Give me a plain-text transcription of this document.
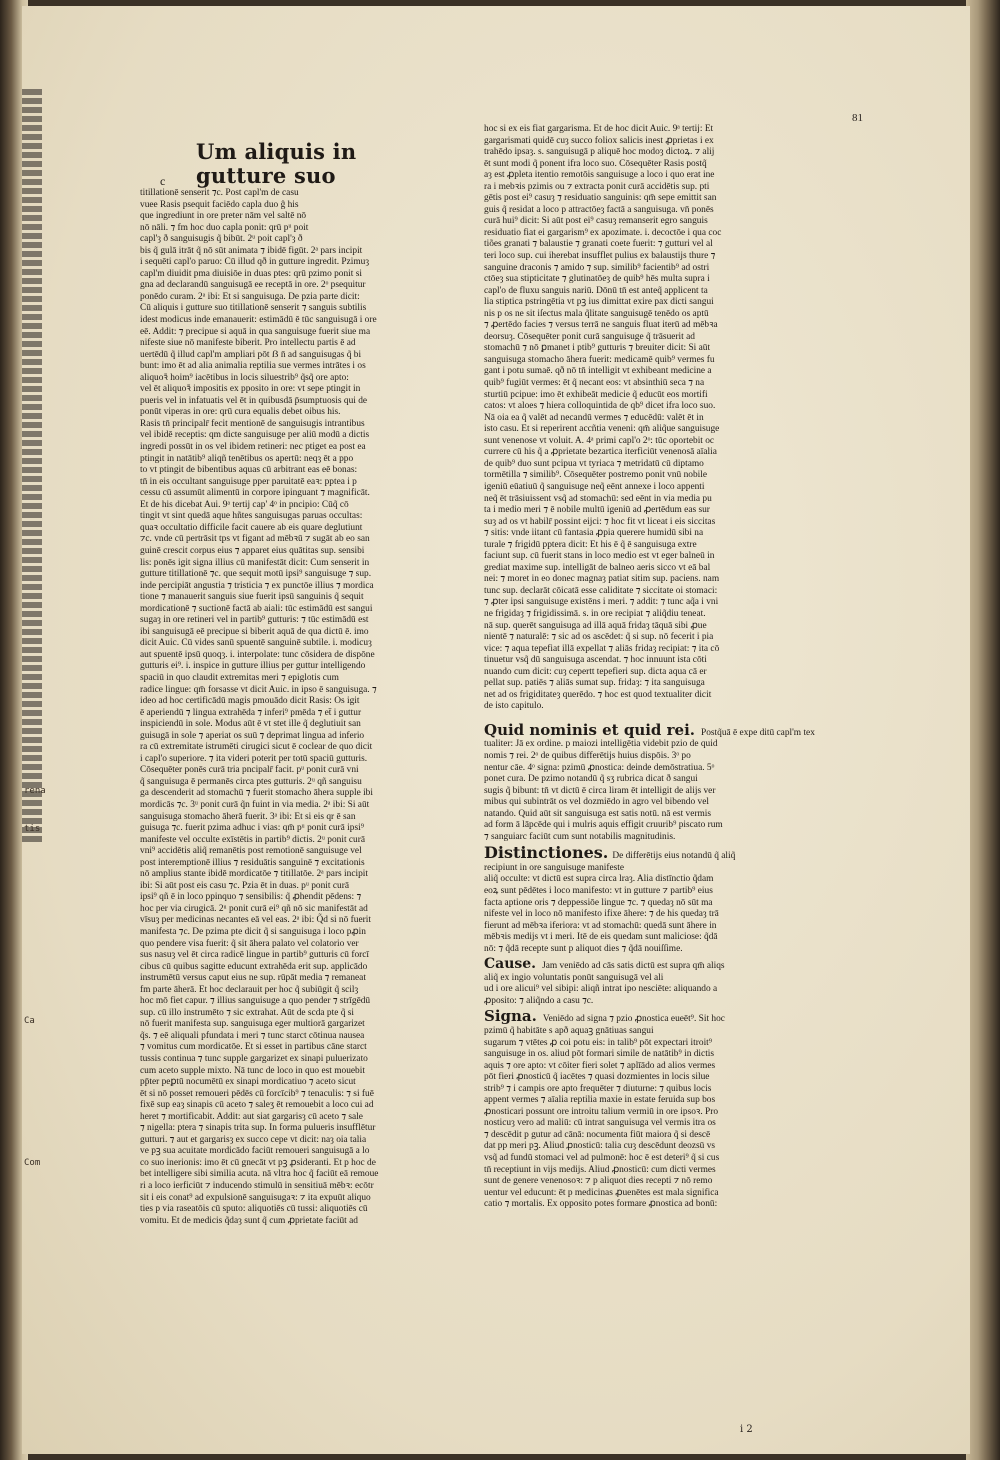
rena
tis
Ca
Com
81
c
Um aliquis in gutture suo
titillationē senserit ⁊c. Post capl'm de casu
vuee Rasis psequit faciēdo capla duo ĝ his
que ingrediunt in ore preter nām vel saltē nō
nō nāli. ⁊ fm hoc duo capla ponit: qrū pᵘ poit
capl'ȝ ð sanguisugis q̃ bibūt. 2ᵘ poit capl'ȝ ð
bis q̃ gulā itrāt q̃ nō sūt animata ⁊ ibidē figūt. 2ᵃ pars incipit
i sequēti capl'o paruo: Cū illud qð in gutture ingredit. Pzimuȝ
capl'm diuidit pma diuisiōe in duas ptes: qrū pzimo ponit si
gna ad declarandū sanguisugā ee receptā in ore. 2ᵒ psequitur
ponēdo curam. 2ᵃ ibi: Et si sanguisuga. De pzia parte dicit:
Cū aliquis i gutture suo titillationē senserit ⁊ sanguis subtilis
idest modicus inde emanauerit: estimādū ē tūc sanguisugā i ore
eē. Addit: ⁊ precipue si aquā in qua sanguisuge fuerit siue ma
nifeste siue nō manifeste biberit. Pro intellectu partis ē ad
uertēdū q̃ illud capl'm ampliari pōt ẞ n̄ ad sanguisugas q̃ bi
bunt: imo ēt ad alia animalia reptilia sue vermes intrātes i os
aliquoꝛ̄ hoim⁹ iacētibus in locis siluestrib⁹ q̃sq̃ ore apto:
vel ēt aliquoꝛ̄ impositis ex pposito in ore: vt sepe ptingit in
pueris vel in infatuatis vel ēt in quibusdā p̄sumptuosis qui de
ponūt viperas in ore: qrū cura equalis debet oibus his.
Rasis tn̄ principalr̄ fecit mentionē de sanguisugis intrantibus
vel ibidē receptis: qm dicte sanguisuge per aliū modū a dictis
ingredi possūt in os vel ibidem retineri: nec ptiget ea post ea
ptingit in natātib⁹ aliqñ tenētibus os apertū: neqȝ ēt a ppo
to vt ptingit de bibentibus aquas cū arbitrant eas eē bonas:
tn̄ in eis occultant sanguisuge pper paruitatē eaꝛ: pptea i p
cessu cū assumūt alimentū in corpore ipinguant ⁊ magnificāt.
Et de his dicebat Aui. 9ᵃ tertij cap' 4ᵒ in pncipio: Cūq̃ cō
tingit vt sint quedā aque hñtes sanguisugas paruas occultas:
quaꝛ occultatio difficile facit cauere ab eis quare deglutiunt
⁊c. vnde cū pertrāsit tps vt figant ad mēbꝛū ⁊ sugāt ab eo san
guinē crescit corpus eius ⁊ apparet eius quātitas sup. sensibi
lis: ponēs igit signa illius cū manifestāt dicit: Cum senserit in
gutture titillationē ⁊c. que sequit motū ipsi⁹ sanguisuge ⁊ sup.
inde percipiāt angustia ⁊ tristicia ⁊ ex punctōe illius ⁊ mordica
tione ⁊ manauerit sanguis siue fuerit ipsū sanguinis q̃ sequit
mordicationē ⁊ suctionē factā ab aiali: tūc estimādū est sangui
sugaȝ in ore retineri vel in partib⁹ gutturis: ⁊ tūc estimādū est
ibi sanguisugā eē precipue si biberit aquā de qua dictū ē. imo
dicit Auic. Cū vides sanū spuentē sanguinē subtile. i. modicuȝ
aut spuentē ipsū quoqȝ. i. interpolate: tunc cōsidera de dispōne
gutturis ei⁹. i. inspice in gutture illius per guttur intelligendo
spaciū in quo claudit extremitas meri ⁊ epiglotis cum
radice lingue: qm̄ forsasse vt dicit Auic. in ipso ē sanguisuga. ⁊
ideo ad hoc certificādū magis pmouādo dicit Rasis: Os igit
ē aperiendū ⁊ lingua extrahēda ⁊ inferi⁹ pmēda ⁊ et̄ i guttur
inspiciendū in sole. Modus aūt ē vt stet ille q̃ deglutiuit san
guisugā in sole ⁊ aperiat os suū ⁊ deprimat lingua ad inferio
ra cū extremitate istrumēti cirugici sicut ē coclear de quo dicit
i capl'o superiore. ⁊ ita videri poterit per totū spaciū gutturis.
Cōsequēter ponēs curā tria pncipalr̄ facit. pᵘ ponit curā vni
q̃ sanguisuga ē permanēs circa ptes gutturis. 2ᵘ qñ sanguisu
ga descenderit ad stomachū ⁊ fuerit stomacho āhera supple ibi
mordicās ⁊c. 3ᵘ ponit curā q̃n fuint in via media. 2ᵃ ibi: Si aūt
sanguisuga stomacho āherā fuerit. 3ᵃ ibi: Et si eis qr ē san
guisuga ⁊c. fuerit pzima adhuc i vias: qm̄ pᵘ ponit curā ipsi⁹
manifeste vel occulte exīstētis in partib⁹ dictis. 2ᵘ ponit curā
vni⁹ accidētis aliq̃ remanētis post remotionē sanguisuge vel
post interemptionē illius ⁊ residuātis sanguinē ⁊ excitationis
nō amplius stante ibidē mordicatōe ⁊ titillatōe. 2ᵃ pars incipit
ibi: Si aūt post eis casu ⁊c. Pzia ēt in duas. pᵘ ponit curā
ipsi⁹ qñ ē in loco ppinquo ⁊ sensibilis: q̃ ꝓhendit pēdens: ⁊
hoc per via cirugicā. 2ᵘ ponit curā ei⁹ qñ nō sic manifestāt ad
vīsuȝ per medicinas necantes eā vel eas. 2ᵃ ibi: Q̃d si nō fuerit
manifesta ⁊c. De pzima pte dicit q̃ si sanguisuga i loco pꝓin
quo pendere visa fuerit: q̃ sit āhera palato vel colatorio ver
sus nasuȝ vel ēt circa radicē lingue in partib⁹ gutturis cū forcī
cibus cū quibus sagitte educunt extrahēda erit sup. applicādo
instrumētū versus caput eius ne sup. rūpāt media ⁊ remaneat
fm parte āherā. Et hoc declarauit per hoc q̃ subiūgit q̃ scilȝ
hoc mō fiet capur. ⁊ illius sanguisuge a quo pender ⁊ strīgēdū
sup. cū illo instrumēto ⁊ sic extrahat. Aūt de scda pte q̃ si
nō fuerit manifesta sup. sanguisuga eger multiorā gargarizet
q̃s. ⁊ eē aliquali pfundata i meri ⁊ tunc starct cōtinua nausea
⁊ vomitus cum mordicatōe. Et si esset in partibus cāne starct
tussis continua ⁊ tunc supple gargarizet ex sinapi puluerizato
cum aceto supple mixto. Nā tunc de loco in quo est mouebit
pp̄ter peꝑtū nocumētū ex sinapi mordicatiuo ⁊ aceto sicut
ēt si nō posset remoueri pēdēs cū forcīcib⁹ ⁊ tenaculis: ⁊ si fuē
fixē sup eaȝ sinapis cū aceto ⁊ saleʒ ēt remouebit a loco cui ad
heret ⁊ mortificabit. Addit: aut siat gargarisȝ cū aceto ⁊ sale
⁊ nigella: ptera ⁊ sinapis trita sup. In forma pulueris insufflētur
gutturi. ⁊ aut et gargarisȝ ex succo cepe vt dicit: naȝ oia talia
ve pꝫ sua acuitate mordicādo faciūt remoueri sanguisugā a lo
co suo inerionis: imo ēt cū gnecāt vt pꝫ ꝓsideranti. Et p hoc de
bet intelligere sibi similia acuta. nā vltra hoc q̃ faciūt eā remoue
ri a loco ierficiūt ⁊ inducendo stimulū in sensitiuā mēbꝛ: ecōtr
sit i eis conat⁹ ad expulsionē sanguisugaꝛ: ⁊ ita expuūt aliquo
ties p via raseatōis cū sputo: aliquotiēs cū tussi: aliquotiēs cū
vomitu. Et de medicis q̃daȝ sunt q̃ cum ꝓprietate faciūt ad
hoc si ex eis fiat gargarisma. Et de hoc dicit Auic. 9ᵃ tertij: Et
gargarismati quidē cuȝ succo foliox salicis inest ꝓprietas i ex
trahēdo ipsaȝ. s. sanguisugā p aliquē hoc modoȝ dictoꝝ. ⁊ alij
ēt sunt modi q̃ ponent ifra loco suo. Cōsequēter Rasis postq̃
aȝ est ꝓpleta itentio remotōis sanguisuge a loco i quo erat ine
ra i mebꝛis pzimis ou ⁊ extracta ponit curā accidētis sup. pti
gētis post ei⁹ casuȝ ⁊ residuatio sanguinis: qm̄ sepe emittit san
guis q̃ residat a loco p attractōeȝ factā a sanguisuga. vn̄ ponēs
curā hui⁹ dicit: Si aūt post ei⁹ casuȝ remanserit egro sanguis
residuatio fiat ei gargarism⁹ ex apozimate. i. decoctōe i qua coc
tiões granati ⁊ balaustie ⁊ granati coete fuerit: ⁊ gutturi vel al
teri loco sup. cui iherebat insufflet pulius ex balaustijs thure ⁊
sanguine draconis ⁊ amido ⁊ sup. similib⁹ facientib⁹ ad ostri
ctōeȝ sua stipticitate ⁊ glutinatōeȝ de quib⁹ hēs multa supra i
capl'o de fluxu sanguis nariū. Dōnū tn̄ est anteq̃ applicent ta
lia stiptica pstringētia vt pꝫ ius dimittat exire pax dicti sangui
nis p os ne sit iſectus mala q̃litate sanguisugē tenēdo os aptū
⁊ ꝓertēdo facies ⁊ versus terrā ne sanguis fluat iterū ad mēbꝛa
deorsuȝ. Cōsequēter ponit curā sanguisuge q̃ trāsuerit ad
stomachū ⁊ nō ꝑmanet i ptib⁹ gutturis ⁊ breuiter dicit: Si aūt
sanguisuga stomacho āhera fuerit: medicamē quib⁹ vermes fu
gant i potu sumaē. qð nō tn̄ intelligit vt exhibeant medicine a
quib⁹ fugiūt vermes: ēt q̃ necant eos: vt absinthiū seca ⁊ na
sturtiū pcipue: imo ēt exhibeāt medicie q̃ educūt eos mortifi
catos: vt aloes ⁊ hiera colloquintida de qb⁹ dicet ifra loco suo.
Nā oia ea q̃ valēt ad necandū vermes ⁊ educēdū: valēt ēt in
isto casu. Et si reperirent accñtia veneni: qm̄ aliq̃ue sanguisuge
sunt venenose vt voluit. A. 4ᵃ primi capl'o 2ᵒ: tūc oportebit oc
currere cū his q̃ a ꝓprietate bezartica iterficiūt venenosā aīalia
de quib⁹ duo sunt pcipua vt tyriaca ⁊ metridatū cū diptamo
tormētilla ⁊ similib⁹. Cōsequēter postremo ponit vnū nobile
igeniū eūatiuū q̃ sanguisuge neq̃ eēnt annexe i loco appenti
neq̃ ēt trāsiuissent vsq̃ ad stomachū: sed eēnt in via media pu
ta i medio meri ⁊ ē nobile multū igeniū ad ꝓertēdum eas sur
suȝ ad os vt habilr̄ possint eijci: ⁊ hoc fit vt liceat i eis siccitas
⁊ sitis: vnde iitant cū fantasia ꝓpia querere humidū sibi na
turale ⁊ frigidū pptera dicit: Et his ē q̃ ē sanguisuga extre
faciunt sup. cū fuerit stans in loco medio est vt eger balneū in
grediat maxime sup. intelligāt de balneo aeris sicco vt eā bal
nei: ⁊ moret in eo donec magnaȝ patiat sitim sup. paciens. nam
tunc sup. declarāt cōicatā esse caliditate ⁊ siccitate oi stomaci:
⁊ ꝓter ipsi sanguisuge existēns i meri. ⁊ addit: ⁊ tunc aq̃a i vni
ne frigidaȝ ⁊ frigidissimā. s. in ore recipiat ⁊ aliq̃diu teneat.
nā sup. querēt sanguisuga ad illā aquā fridaȝ tāquā sibi ꝓue
nientē ⁊ naturalē: ⁊ sic ad os ascēdet: q̃ si sup. nō fecerit i pia
vice: ⁊ aqua tepefiat illā expellat ⁊ aliās fridaȝ recipiat: ⁊ ita cō
tinuetur vsq̃ dū sanguisuga ascendat. ⁊ hoc innuunt ista cōti
nuando cum dicit: cuȝ cepertt tepefieri sup. dicta aqua cā er
pellat sup. patiēs ⁊ aliās sumat sup. fridaȝ: ⁊ ita sanguisuga
net ad os frigiditateȝ querēdo. ⁊ hoc est quod textualiter dicit
de isto capitulo.
Quid nominis et quid rei. Postq̃uā ē expe ditū capl'm tex
tualiter: Jā ex ordine. p maiozi intelligētia videbit pzio de quid
nomis ⁊ rei. 2ᵒ de quibus differētijs huius dispōis. 3ᵒ po
nentur cāe. 4ᵒ signa: pzimū ꝓnostica: deinde demōstratiua. 5ᵒ
ponet cura. De pzimo notandū q̃ sʒ rubrica dicat ð sangui
sugis q̃ bibunt: tn̄ vt dictū ē circa liram ēt intelligit de alijs ver
mibus qui subintrāt os vel dozmiēdo in agro vel bibendo vel
natando. Quid aūt sit sanguisuga est satis notū. nā est vermis
ad form ā lāpcēde qui i mulris aquis effigit cruurib⁹ piscato rum
⁊ sanguiarc faciūt cum sunt notabilis magnitudinis.
Distinctiones. De differētijs eius notandū q̃ aliq̃
recipiunt in ore sanguisuge manifeste
aliq̃ occulte: vt dictū est supra circa lraȝ. Alia distīnctio q̃dam
eoꝝ sunt pēdētes i loco manifesto: vt in gutture ⁊ partib⁹ eius
facta aptione oris ⁊ deppessiōe lingue ⁊c. ⁊ quedaȝ nō sūt ma
nifeste vel in loco nō manifesto ifixe āhere: ⁊ de his quedaȝ trā
fierunt ad mēbꝛa iferiora: vt ad stomachū: quedā sunt āhere in
mēbꝛis medijs vt i meri. Itē de eis quedam sunt maliciose: q̃dā
nō: ⁊ q̃dā recepte sunt p aliquot dies ⁊ q̃dā nouiſſime.
Cause. Jam veniēdo ad cās satis dictū est supra qm̄ aliqs
aliq̃ ex ingio voluntatis ponūt sanguisugā vel ali
ud i ore alicui⁹ vel sibipi: aliqñ intrat ipo nesciēte: aliquando a
ꝓposito: ⁊ aliq̃ndo a casu ⁊c.
Signa. Veniēdo ad signa ⁊ pzio ꝓnostica eueēt⁹. Sit hoc
pzimū q̃ habitāte s apð aquaꝫ gnātiuas sangui
sugarum ⁊ vtētes ꝓ coi potu eis: in talib⁹ pōt expectari itroit⁹
sanguisuge in os. aliud pōt formari simile de natātib⁹ in dictis
aquis ⁊ ore apto: vt cōiter fieri solet ⁊ aplīādo ad alios vermes
pōt fieri ꝓnosticū q̃ iacētes ⁊ quasi dozmientes in locis silue
strib⁹ ⁊ i campis ore apto frequēter ⁊ diuturne: ⁊ quibus locis
appent vermes ⁊ aīalia reptilia maxie in estate feruida sup bos
ꝓnosticari possunt ore introitu talium vermiū in ore ipsoꝛ. Pro
nosticuȝ vero ad maliū: cū intrat sanguisuga vel vermis itra os
⁊ descēdit p gutur ad cānā: nocumenta fiūt maiora q̃ si descē
dat pp meri pꝫ. Aliud ꝓnosticū: talia cuȝ descēdunt deozsū vs
vsq̃ ad fundū stomaci vel ad pulmonē: hoc ē est deteri⁹ q̃ si cus
tn̄ receptiunt in vijs medijs. Aliud ꝓnosticū: cum dicti vermes
sunt de genere venenosoꝛ: ⁊ p aliquot dies recepti ⁊ nō remo
uentur vel educunt: ēt p medicinas ꝓuenētes est mala significa
catio ⁊ mortalis. Ex opposito potes formare ꝓnostica ad bonū:
i 2
